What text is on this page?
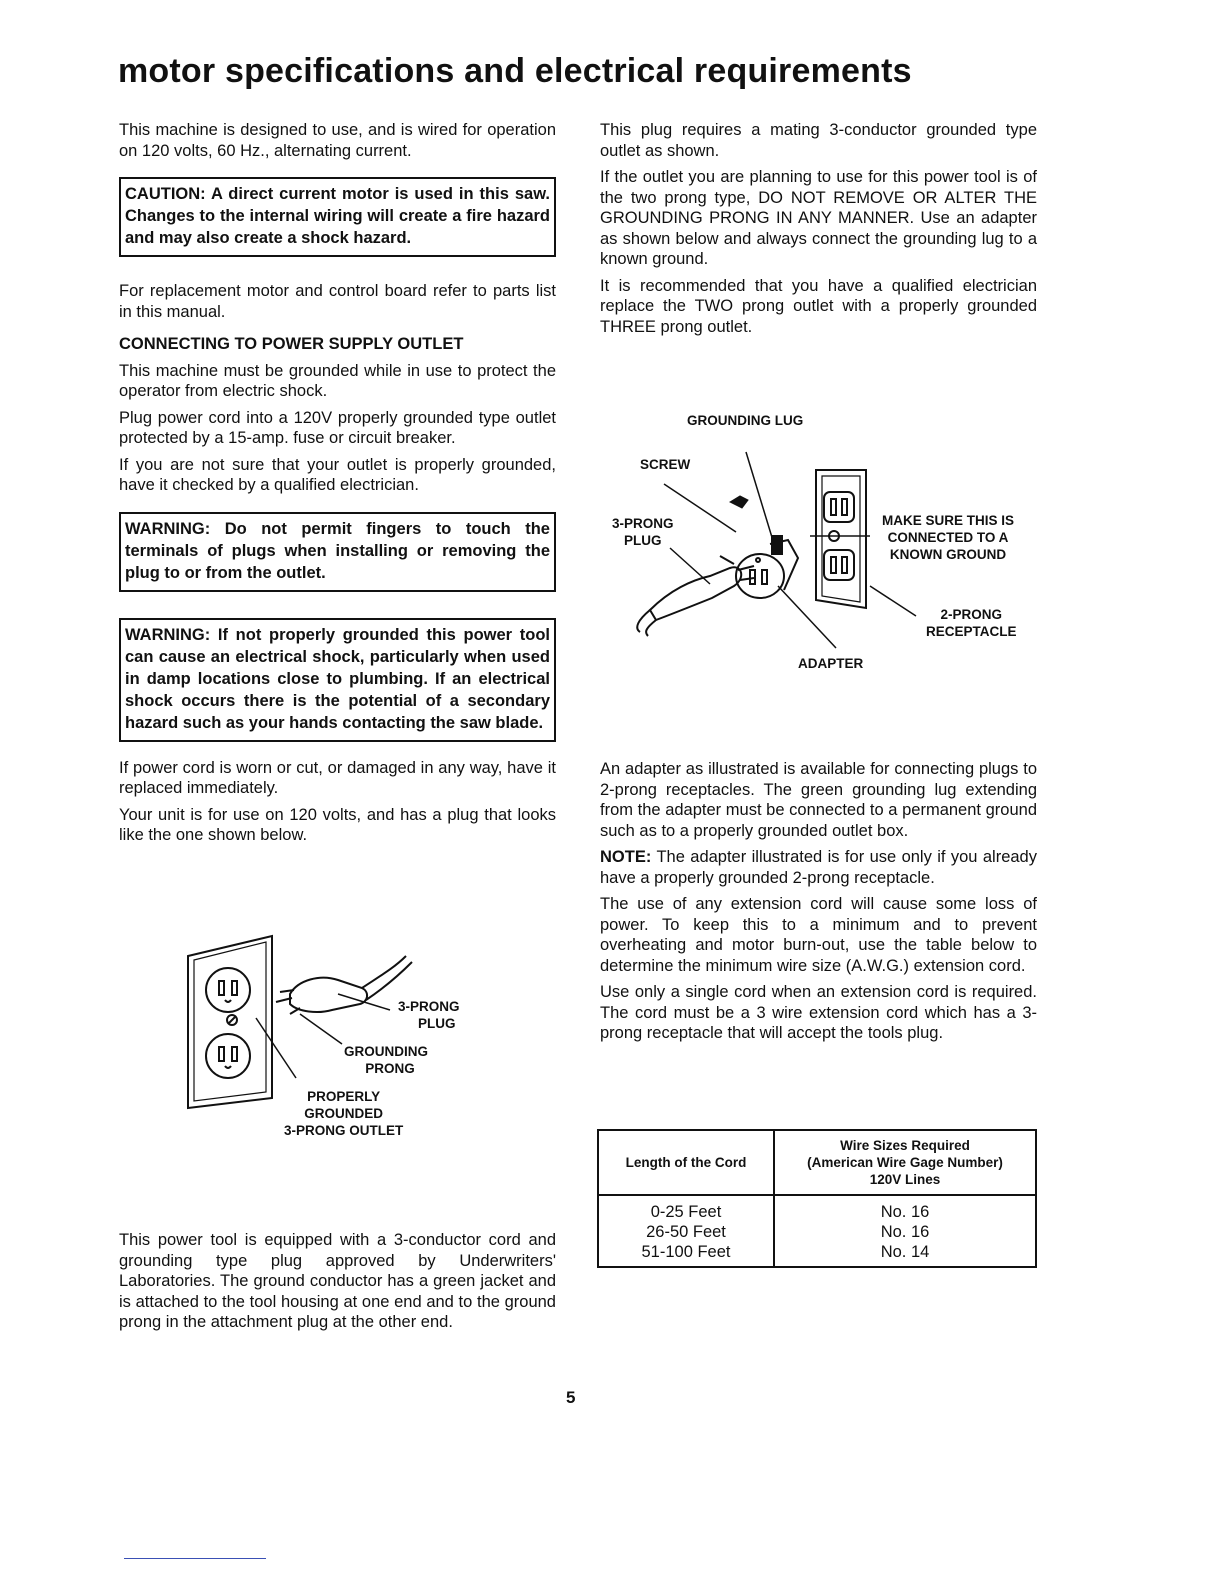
motor specifications and electrical requirements

This machine is designed to use, and is wired for operation on 120 volts, 60 Hz., alternating current.

CAUTION: A direct current motor is used in this saw. Changes to the internal wiring will create a fire hazard and may also create a shock hazard.

For replacement motor and control board refer to parts list in this manual.

CONNECTING TO POWER SUPPLY OUTLET

This machine must be grounded while in use to protect the operator from electric shock.

Plug power cord into a 120V properly grounded type outlet protected by a 15-amp. fuse or circuit breaker.

If you are not sure that your outlet is properly grounded, have it checked by a qualified electrician.

WARNING: Do not permit fingers to touch the terminals of plugs when installing or removing the plug to or from the outlet.

WARNING: If not properly grounded this power tool can cause an electrical shock, particularly when used in damp locations close to plumbing. If an electrical shock occurs there is the potential of a secondary hazard such as your hands contacting the saw blade.

If power cord is worn or cut, or damaged in any way, have it replaced immediately.

Your unit is for use on 120 volts, and has a plug that looks like the one shown below.

3-PRONG
PLUG
GROUNDING
PRONG
PROPERLY
GROUNDED
3-PRONG OUTLET

This power tool is equipped with a 3-conductor cord and grounding type plug approved by Underwriters' Laboratories. The ground conductor has a green jacket and is attached to the tool housing at one end and to the ground prong in the attachment plug at the other end.

This plug requires a mating 3-conductor grounded type outlet as shown.

If the outlet you are planning to use for this power tool is of the two prong type, DO NOT REMOVE OR ALTER THE GROUNDING PRONG IN ANY MANNER. Use an adapter as shown below and always connect the grounding lug to a known ground.

It is recommended that you have a qualified electrician replace the TWO prong outlet with a properly grounded THREE prong outlet.

GROUNDING LUG
SCREW
3-PRONG
PLUG
MAKE SURE THIS IS
CONNECTED TO A
KNOWN GROUND
2-PRONG
RECEPTACLE
ADAPTER

An adapter as illustrated is available for connecting plugs to 2-prong receptacles. The green grounding lug extending from the adapter must be connected to a permanent ground such as to a properly grounded outlet box.

NOTE: The adapter illustrated is for use only if you already have a properly grounded 2-prong receptacle.

The use of any extension cord will cause some loss of power. To keep this to a minimum and to prevent overheating and motor burn-out, use the table below to determine the minimum wire size (A.W.G.) extension cord.

Use only a single cord when an extension cord is required. The cord must be a 3 wire extension cord which has a 3-prong receptacle that will accept the tools plug.

Length of the Cord	Wire Sizes Required
(American Wire Gage Number)
120V Lines

0-25 Feet	No. 16
26-50 Feet	No. 16
51-100 Feet	No. 14
5
